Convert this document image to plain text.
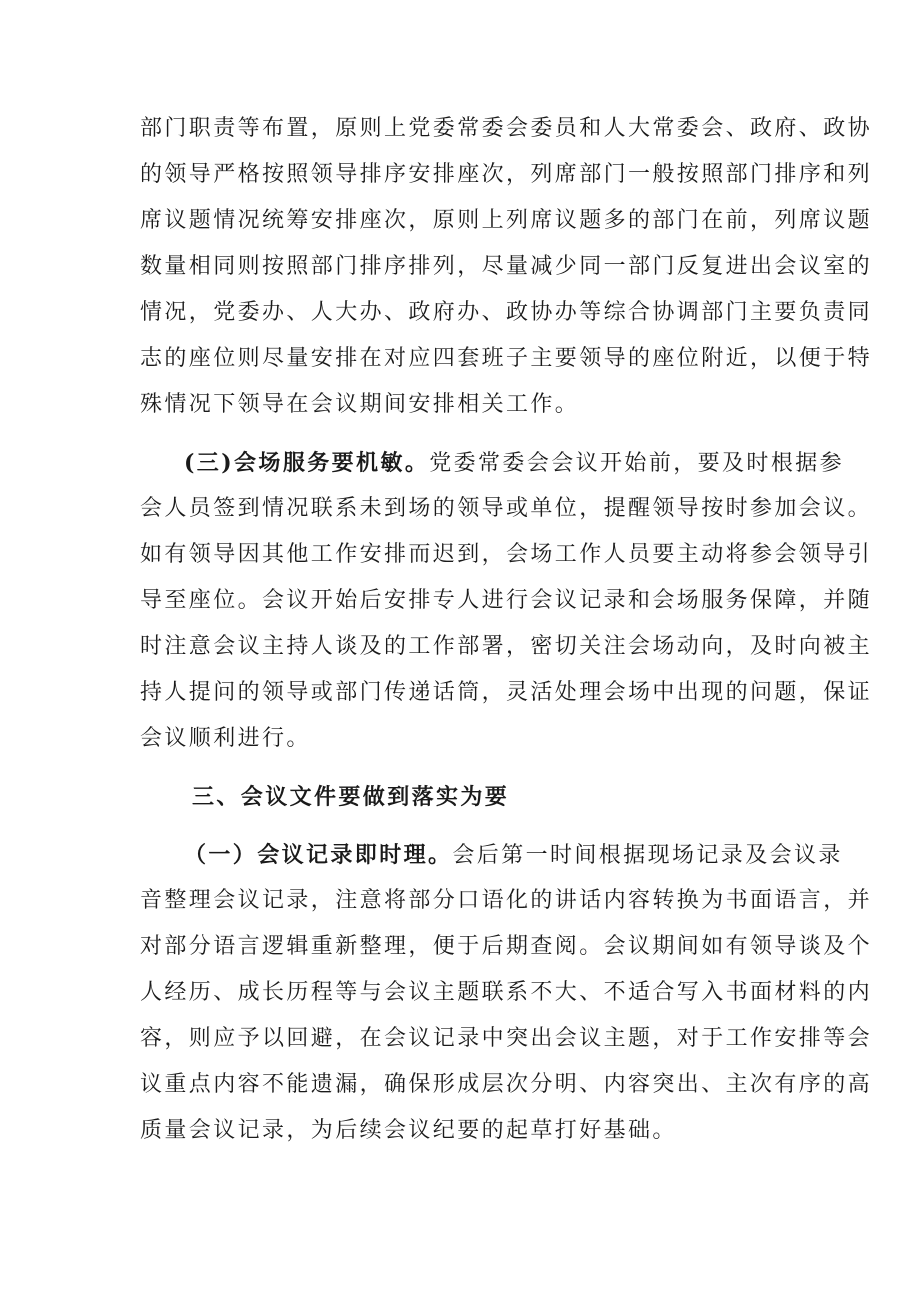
部门职责等布置，原则上党委常委会委员和人大常委会、政府、政协
的领导严格按照领导排序安排座次，列席部门一般按照部门排序和列
席议题情况统筹安排座次，原则上列席议题多的部门在前，列席议题
数量相同则按照部门排序排列，尽量减少同一部门反复进出会议室的
情况，党委办、人大办、政府办、政协办等综合协调部门主要负责同
志的座位则尽量安排在对应四套班子主要领导的座位附近，以便于特
殊情况下领导在会议期间安排相关工作。
(三)会场服务要机敏。党委常委会会议开始前，要及时根据参
会人员签到情况联系未到场的领导或单位，提醒领导按时参加会议。
如有领导因其他工作安排而迟到，会场工作人员要主动将参会领导引
导至座位。会议开始后安排专人进行会议记录和会场服务保障，并随
时注意会议主持人谈及的工作部署，密切关注会场动向，及时向被主
持人提问的领导或部门传递话筒，灵活处理会场中出现的问题，保证
会议顺利进行。
三、会议文件要做到落实为要
（一）会议记录即时理。会后第一时间根据现场记录及会议录
音整理会议记录，注意将部分口语化的讲话内容转换为书面语言，并
对部分语言逻辑重新整理，便于后期查阅。会议期间如有领导谈及个
人经历、成长历程等与会议主题联系不大、不适合写入书面材料的内
容，则应予以回避，在会议记录中突出会议主题，对于工作安排等会
议重点内容不能遗漏，确保形成层次分明、内容突出、主次有序的高
质量会议记录，为后续会议纪要的起草打好基础。
